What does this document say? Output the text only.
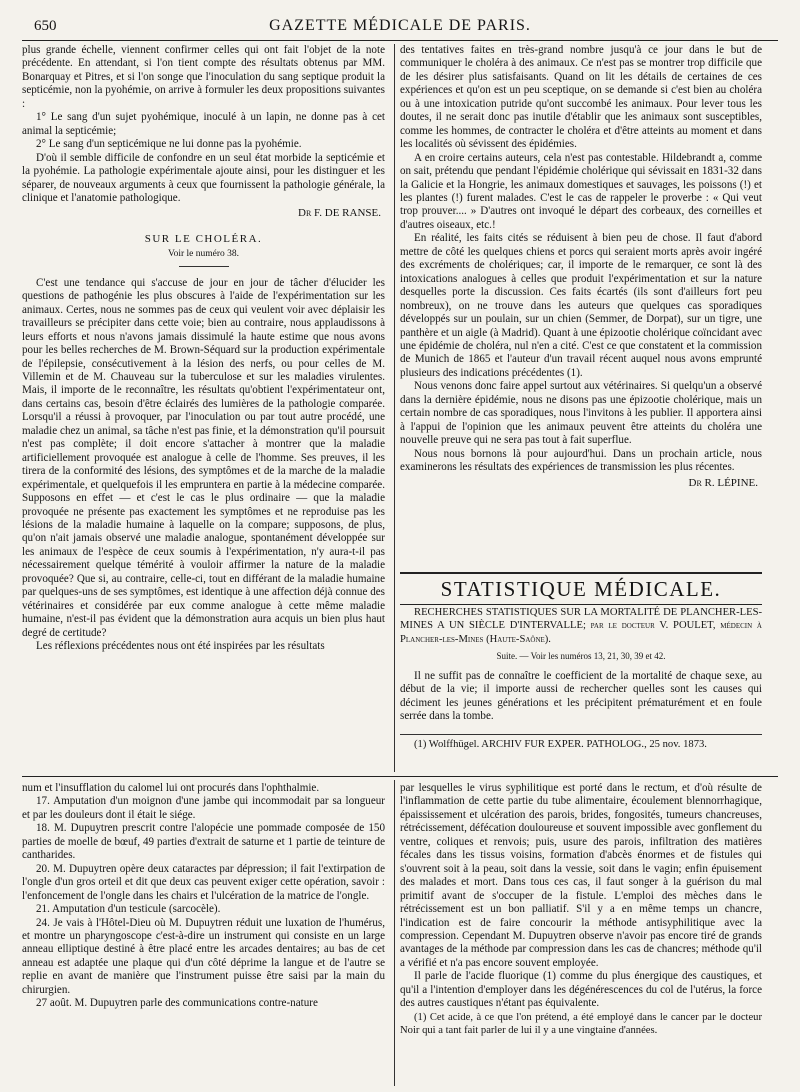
650	GAZETTE MÉDICALE DE PARIS.

plus grande échelle, viennent confirmer celles qui ont fait l'objet de la note précédente. En attendant, si l'on tient compte des résultats obtenus par MM. Bonarquay et Pitres, et si l'on songe que l'inoculation du sang septique produit la septicémie, non la pyohémie, on arrive à formuler les deux propositions suivantes :

1° Le sang d'un sujet pyohémique, inoculé à un lapin, ne donne pas à cet animal la septicémie;

2° Le sang d'un septicémique ne lui donne pas la pyohémie.

D'où il semble difficile de confondre en un seul état morbide la septicémie et la pyohémie. La pathologie expérimentale ajoute ainsi, pour les distinguer et les séparer, de nouveaux arguments à ceux que fournissent la pathologie générale, la clinique et l'anatomie pathologique.

Dr F. DE RANSE.
SUR LE CHOLÉRA.
Voir le numéro 38.

C'est une tendance qui s'accuse de jour en jour de tâcher d'élucider les questions de pathogénie les plus obscures à l'aide de l'expérimentation sur les animaux. Certes, nous ne sommes pas de ceux qui veulent voir avec déplaisir les travailleurs se précipiter dans cette voie; bien au contraire, nous applaudissons à leurs efforts et nous n'avons jamais dissimulé la haute estime que nous avons pour les belles recherches de M. Brown-Séquard sur la production expérimentale de l'épilepsie, consécutivement à la lésion des nerfs, ou pour celles de M. Villemin et de M. Chauveau sur la tuberculose et sur les maladies virulentes. Mais, il importe de le reconnaître, les résultats qu'obtient l'expérimentateur ont, dans certains cas, besoin d'être éclairés des lumières de la pathologie comparée. Lorsqu'il a réussi à provoquer, par l'inoculation ou par tout autre procédé, une maladie chez un animal, sa tâche n'est pas finie, et la démonstration qu'il poursuit n'est pas complète; il doit encore s'attacher à montrer que la maladie artificiellement provoquée est analogue à celle de l'homme. Ses preuves, il les tirera de la conformité des lésions, des symptômes et de la marche de la maladie expérimentale, et quelquefois il les empruntera en partie à la médecine comparée. Supposons en effet — et c'est le cas le plus ordinaire — que la maladie provoquée ne présente pas exactement les symptômes et ne reproduise pas les lésions de la maladie humaine à laquelle on la compare; supposons, de plus, qu'on n'ait jamais observé une maladie analogue, spontanément développée sur les animaux de l'espèce de ceux soumis à l'expérimentation, n'y aura-t-il pas nécessairement quelque témérité à vouloir affirmer la nature de la maladie provoquée? Que si, au contraire, celle-ci, tout en différant de la maladie humaine par quelques-uns de ses symptômes, est identique à une affection déjà connue des vétérinaires et considérée par eux comme analogue à cette même maladie humaine, n'est-il pas évident que la démonstration aura acquis un bien plus haut degré de certitude?

Les réflexions précédentes nous ont été inspirées par les résultats

des tentatives faites en très-grand nombre jusqu'à ce jour dans le but de communiquer le choléra à des animaux. Ce n'est pas se montrer trop difficile que de les désirer plus satisfaisants. Quand on lit les détails de certaines de ces expériences et qu'on est un peu sceptique, on se demande si c'est bien au choléra ou à une intoxication putride qu'ont succombé les animaux. Pour lever tous les doutes, il ne serait donc pas inutile d'établir que les animaux sont susceptibles, comme les hommes, de contracter le choléra et d'être atteints au moment et dans les localités où sévissent des épidémies.

A en croire certains auteurs, cela n'est pas contestable. Hildebrandt a, comme on sait, prétendu que pendant l'épidémie cholérique qui sévissait en 1831-32 dans la Galicie et la Hongrie, les animaux domestiques et sauvages, les poissons (!) et les plantes (!) furent malades. C'est le cas de rappeler le proverbe : « Qui veut trop prouver.... » D'autres ont invoqué le départ des corbeaux, des corneilles et d'autres oiseaux, etc.!

En réalité, les faits cités se réduisent à bien peu de chose. Il faut d'abord mettre de côté les quelques chiens et porcs qui seraient morts après avoir ingéré des excréments de cholériques; car, il importe de le remarquer, ce sont là des intoxications analogues à celles que produit l'expérimentation et sur la nature desquelles porte la discussion. Ces faits écartés (ils sont d'ailleurs fort peu nombreux), on ne trouve dans les auteurs que quelques cas sporadiques développés sur un poulain, sur un chien (Semmer, de Dorpat), sur un tigre, une panthère et un aigle (à Madrid). Quant à une épizootie cholérique coïncidant avec une épidémie de choléra, nul n'en a cité. C'est ce que constatent et la commission de Munich de 1865 et l'auteur d'un travail récent auquel nous avons emprunté plusieurs des indications précédentes (1).

Nous venons donc faire appel surtout aux vétérinaires. Si quelqu'un a observé dans la dernière épidémie, nous ne disons pas une épizootie cholérique, mais un certain nombre de cas sporadiques, nous l'invitons à les publier. Il apportera ainsi à l'appui de l'opinion que les animaux peuvent être atteints du choléra une nouvelle preuve qui ne sera pas tout à fait superflue.

Nous nous bornons là pour aujourd'hui. Dans un prochain article, nous examinerons les résultats des expériences de transmission les plus récentes.

Dr R. LÉPINE.
STATISTIQUE MÉDICALE.

RECHERCHES STATISTIQUES SUR LA MORTALITÉ DE PLANCHER-LES-MINES A UN SIÈCLE D'INTERVALLE; par le docteur V. POULET, médecin à Plancher-les-Mines (Haute-Saône).

Suite. — Voir les numéros 13, 21, 30, 39 et 42.

Il ne suffit pas de connaître le coefficient de la mortalité de chaque sexe, au début de la vie; il importe aussi de rechercher quelles sont les causes qui déciment les jeunes générations et les précipitent prématurément et en foule serrée dans la tombe.

(1) Wolffhügel. ARCHIV FUR EXPER. PATHOLOG., 25 nov. 1873.

num et l'insufflation du calomel lui ont procurés dans l'ophthalmie.

17. Amputation d'un moignon d'une jambe qui incommodait par sa longueur et par les douleurs dont il était le siége.

18. M. Dupuytren prescrit contre l'alopécie une pommade composée de 150 parties de moelle de bœuf, 49 parties d'extrait de saturne et 1 partie de teinture de cantharides.

20. M. Dupuytren opère deux cataractes par dépression; il fait l'extirpation de l'ongle d'un gros orteil et dit que deux cas peuvent exiger cette opération, savoir : l'enfoncement de l'ongle dans les chairs et l'ulcération de la matrice de l'ongle.

21. Amputation d'un testicule (sarcocèle).

24. Je vais à l'Hôtel-Dieu où M. Dupuytren réduit une luxation de l'humérus, et montre un pharyngoscope c'est-à-dire un instrument qui consiste en un large anneau elliptique destiné à être placé entre les arcades dentaires; au bas de cet anneau est adaptée une plaque qui d'un côté déprime la langue et de l'autre se replie en avant de manière que l'instrument puisse être saisi par la main du chirurgien.

27 août. M. Dupuytren parle des communications contre-nature

par lesquelles le virus syphilitique est porté dans le rectum, et d'où résulte de l'inflammation de cette partie du tube alimentaire, écoulement blennorrhagique, épaississement et ulcération des parois, brides, fongosités, tumeurs chancreuses, rétrécissement, défécation douloureuse et souvent impossible avec gonflement du ventre, coliques et renvois; puis, usure des parois, infiltration des matières fécales dans les tissus voisins, formation d'abcès énormes et de fistules qui s'ouvrent soit à la peau, soit dans la vessie, soit dans le vagin; enfin épuisement des malades et mort. Dans tous ces cas, il faut songer à la guérison du mal primitif avant de s'occuper de la fistule. L'emploi des mèches dans le rétrécissement est un bon palliatif. S'il y a en même temps un chancre, l'indication est de faire concourir la méthode antisyphilitique avec la compression. Cependant M. Dupuytren observe n'avoir pas encore tiré de grands avantages de la méthode par compression dans les cas de chancres; méthode qu'il a vérifié et n'a pas encore souvent employée.

Il parle de l'acide fluorique (1) comme du plus énergique des caustiques, et qu'il a l'intention d'employer dans les dégénérescences du col de l'utérus, la force des autres caustiques n'étant pas équivalente.

(1) Cet acide, à ce que l'on prétend, a été employé dans le cancer par le docteur Noir qui a tant fait parler de lui il y a une vingtaine d'années.
